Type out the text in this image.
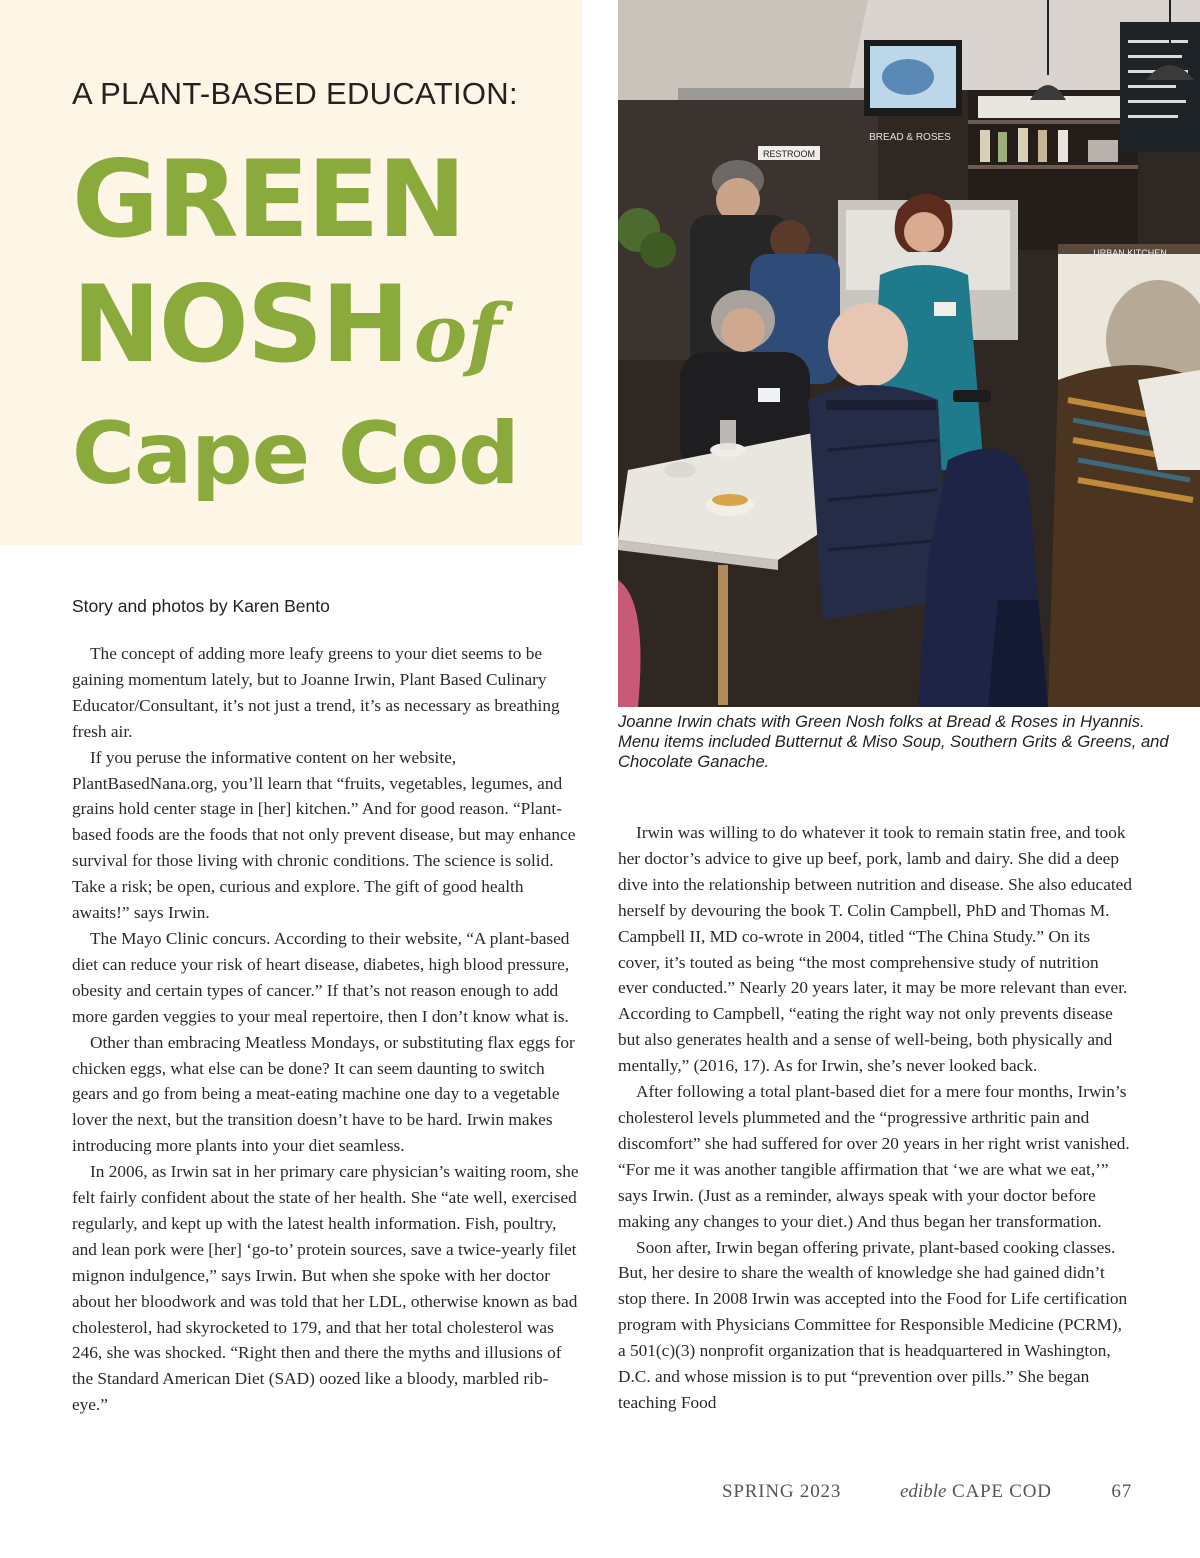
A PLANT-BASED EDUCATION:
GREEN
NOSHof
Cape Cod
RESTROOM
BREAD & ROSES
URBAN KITCHEN

Joanne Irwin chats with Green Nosh folks at Bread & Roses in Hyannis. Menu items included Butternut & Miso Soup, Southern Grits & Greens, and Chocolate Ganache.

Story and photos by Karen Bento

The concept of adding more leafy greens to your diet seems to be gaining momentum lately, but to Joanne Irwin, Plant Based Culinary Educator/Consultant, it’s not just a trend, it’s as necessary as breathing fresh air.

If you peruse the informative content on her website, PlantBasedNana.org, you’ll learn that “fruits, vegetables, legumes, and grains hold center stage in [her] kitchen.” And for good reason. “Plant-based foods are the foods that not only prevent disease, but may enhance survival for those living with chronic conditions. The science is solid. Take a risk; be open, curious and explore. The gift of good health awaits!” says Irwin.

The Mayo Clinic concurs. According to their website, “A plant-based diet can reduce your risk of heart disease, diabetes, high blood pressure, obesity and certain types of cancer.” If that’s not reason enough to add more garden veggies to your meal repertoire, then I don’t know what is.

Other than embracing Meatless Mondays, or substituting flax eggs for chicken eggs, what else can be done? It can seem daunting to switch gears and go from being a meat-eating machine one day to a vegetable lover the next, but the transition doesn’t have to be hard. Irwin makes introducing more plants into your diet seamless.

In 2006, as Irwin sat in her primary care physician’s waiting room, she felt fairly confident about the state of her health. She “ate well, exercised regularly, and kept up with the latest health information. Fish, poultry, and lean pork were [her] ‘go-to’ protein sources, save a twice-yearly filet mignon indulgence,” says Irwin. But when she spoke with her doctor about her bloodwork and was told that her LDL, otherwise known as bad cholesterol, had skyrocketed to 179, and that her total cholesterol was 246, she was shocked. “Right then and there the myths and illusions of the Standard American Diet (SAD) oozed like a bloody, marbled rib-eye.”

Irwin was willing to do whatever it took to remain statin free, and took her doctor’s advice to give up beef, pork, lamb and dairy. She did a deep dive into the relationship between nutrition and disease. She also educated herself by devouring the book T. Colin Campbell, PhD and Thomas M. Campbell II, MD co-wrote in 2004, titled “The China Study.” On its cover, it’s touted as being “the most comprehensive study of nutrition ever conducted.” Nearly 20 years later, it may be more relevant than ever. According to Campbell, “eating the right way not only prevents disease but also generates health and a sense of well-being, both physically and mentally,” (2016, 17). As for Irwin, she’s never looked back.

After following a total plant-based diet for a mere four months, Irwin’s cholesterol levels plummeted and the “progressive arthritic pain and discomfort” she had suffered for over 20 years in her right wrist vanished. “For me it was another tangible affirmation that ‘we are what we eat,’” says Irwin. (Just as a reminder, always speak with your doctor before making any changes to your diet.) And thus began her transformation.

Soon after, Irwin began offering private, plant-based cooking classes. But, her desire to share the wealth of knowledge she had gained didn’t stop there. In 2008 Irwin was accepted into the Food for Life certification program with Physicians Committee for Responsible Medicine (PCRM), a 501(c)(3) nonprofit organization that is headquartered in Washington, D.C. and whose mission is to put “prevention over pills.” She began teaching Food

SPRING 2023	edible CAPE COD	67
